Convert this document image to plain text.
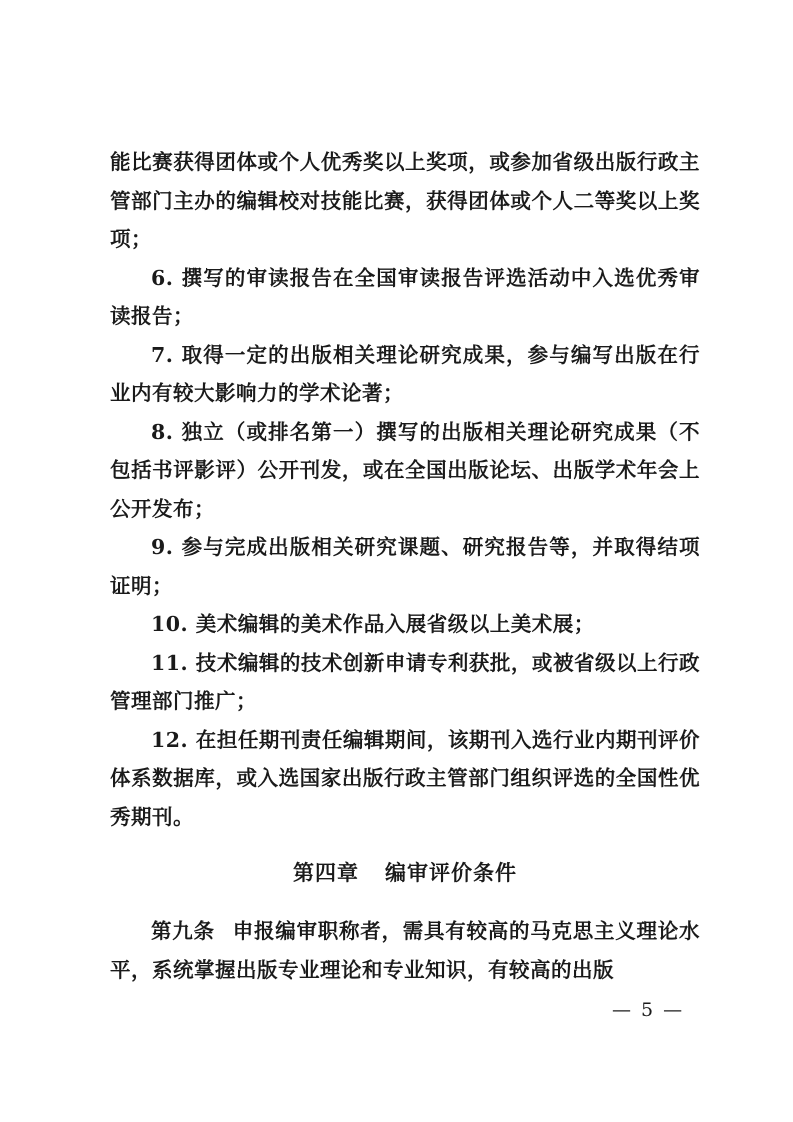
能比赛获得团体或个人优秀奖以上奖项，或参加省级出版行政主管部门主办的编辑校对技能比赛，获得团体或个人二等奖以上奖项；

6. 撰写的审读报告在全国审读报告评选活动中入选优秀审读报告；

7. 取得一定的出版相关理论研究成果，参与编写出版在行业内有较大影响力的学术论著；

8. 独立（或排名第一）撰写的出版相关理论研究成果（不包括书评影评）公开刊发，或在全国出版论坛、出版学术年会上公开发布；

9. 参与完成出版相关研究课题、研究报告等，并取得结项证明；

10. 美术编辑的美术作品入展省级以上美术展；

11. 技术编辑的技术创新申请专利获批，或被省级以上行政管理部门推广；

12. 在担任期刊责任编辑期间，该期刊入选行业内期刊评价体系数据库，或入选国家出版行政主管部门组织评选的全国性优秀期刊。

第四章 编审评价条件

第九条 申报编审职称者，需具有较高的马克思主义理论水平，系统掌握出版专业理论和专业知识，有较高的出版

— 5 —
